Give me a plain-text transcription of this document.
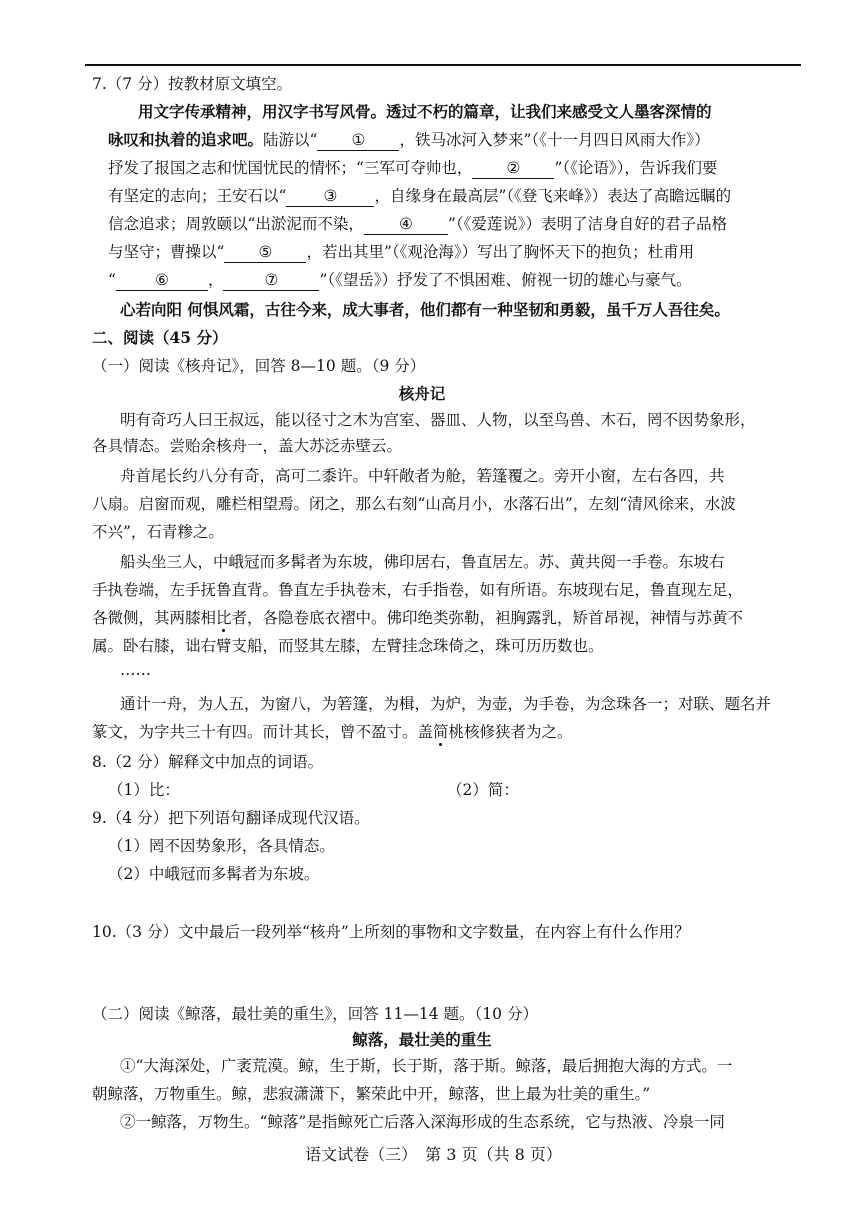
7.（7 分）按教材原文填空。
用文字传承精神，用汉字书写风骨。透过不朽的篇章，让我们来感受文人墨客深情的
咏叹和执着的追求吧。陆游以“ ① ，铁马冰河入梦来”（《十一月四日风雨大作》）
抒发了报国之志和忧国忧民的情怀；“三军可夺帅也， ② ”（《论语》），告诉我们要
有坚定的志向；王安石以“ ③ ，自缘身在最高层”（《登飞来峰》）表达了高瞻远瞩的
信念追求；周敦颐以“出淤泥而不染， ④ ”（《爱莲说》）表明了洁身自好的君子品格
与坚守；曹操以“ ⑤ ，若出其里”（《观沧海》）写出了胸怀天下的抱负；杜甫用
“	⑥	，	⑦	”（《望岳》）抒发了不惧困难、俯视一切的雄心与豪气。
心若向阳 何惧风霜，古往今来，成大事者，他们都有一种坚韧和勇毅，虽千万人吾往矣。
二、阅读（45 分）
（一）阅读《核舟记》，回答 8—10 题。（9 分）
核舟记
明有奇巧人曰王叔远，能以径寸之木为宫室、器皿、人物，以至鸟兽、木石，罔不因势象形，
各具情态。尝贻余核舟一，盖大苏泛赤壁云。
舟首尾长约八分有奇，高可二黍许。中轩敞者为舱，箬篷覆之。旁开小窗，左右各四，共
八扇。启窗而观，雕栏相望焉。闭之，那么右刻“山高月小，水落石出”，左刻“清风徐来，水波
不兴”，石青糁之。
船头坐三人，中峨冠而多髯者为东坡，佛印居右，鲁直居左。苏、黄共阅一手卷。东坡右
手执卷端，左手抚鲁直背。鲁直左手执卷末，右手指卷，如有所语。东坡现右足，鲁直现左足，
各微侧，其两膝相比者，各隐卷底衣褶中。佛印绝类弥勒，袒胸露乳，矫首昂视，神情与苏黄不
属。卧右膝，诎右臂支船，而竖其左膝，左臂挂念珠倚之，珠可历历数也。
……
通计一舟，为人五，为窗八，为箬篷，为楫，为炉，为壶，为手卷，为念珠各一；对联、题名并
篆文，为字共三十有四。而计其长，曾不盈寸。盖简桃核修狭者为之。
8.（2 分）解释文中加点的词语。
（1）比：	（2）简：
9.（4 分）把下列语句翻译成现代汉语。
（1）罔不因势象形，各具情态。
（2）中峨冠而多髯者为东坡。
10.（3 分）文中最后一段列举“核舟”上所刻的事物和文字数量，在内容上有什么作用？
（二）阅读《鲸落，最壮美的重生》，回答 11—14 题。（10 分）
鲸落，最壮美的重生
①“大海深处，广袤荒漠。鲸，生于斯，长于斯，落于斯。鲸落，最后拥抱大海的方式。一
朝鲸落，万物重生。鲸，悲寂潇潇下，繁荣此中开，鲸落，世上最为壮美的重生。”
②一鲸落，万物生。“鲸落”是指鲸死亡后落入深海形成的生态系统，它与热液、冷泉一同
语文试卷（三）　第 3 页（共 8 页）
